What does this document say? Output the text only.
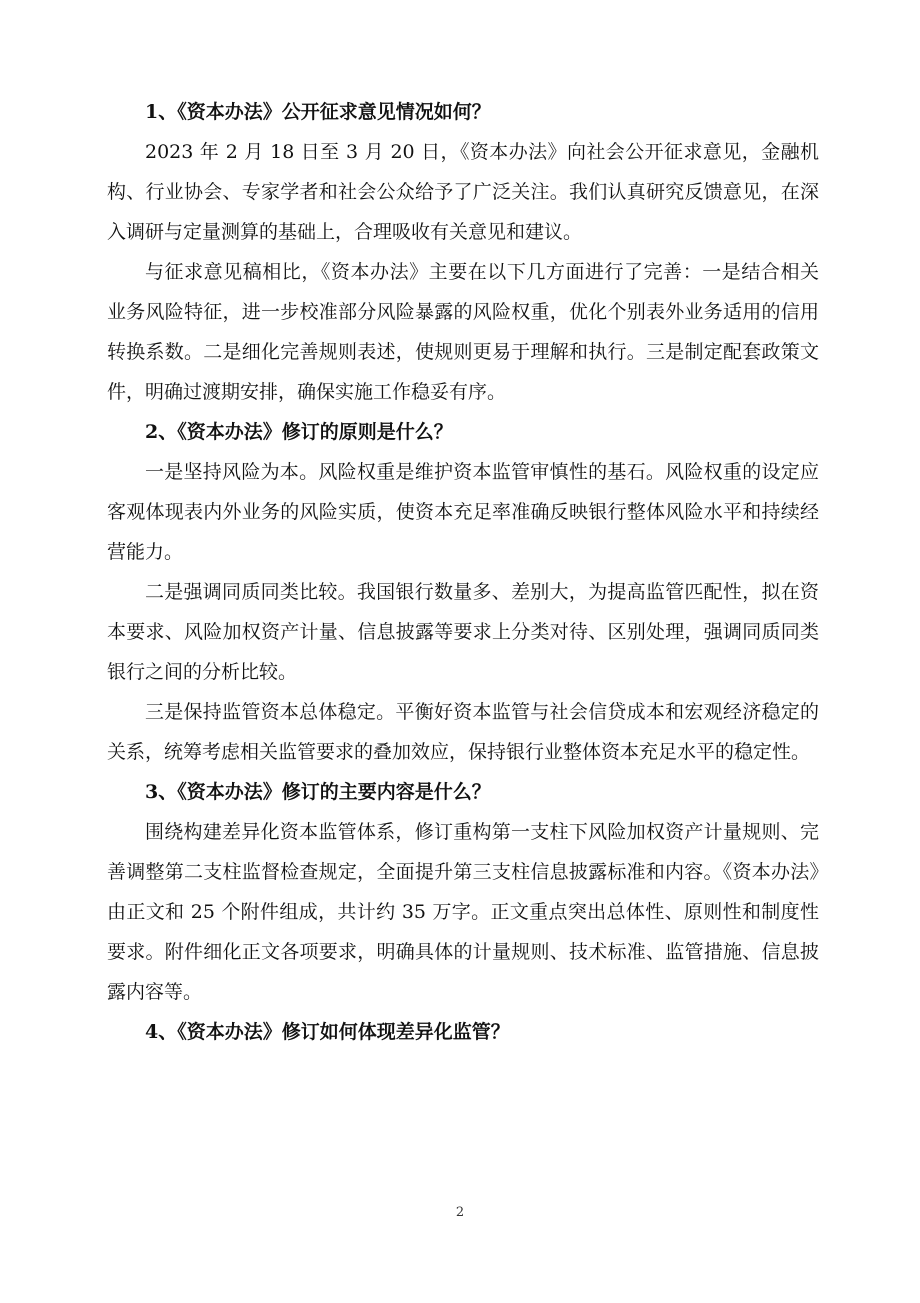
1、《资本办法》公开征求意见情况如何？

2023 年 2 月 18 日至 3 月 20 日，《资本办法》向社会公开征求意见，金融机构、行业协会、专家学者和社会公众给予了广泛关注。我们认真研究反馈意见，在深入调研与定量测算的基础上，合理吸收有关意见和建议。

与征求意见稿相比，《资本办法》主要在以下几方面进行了完善：一是结合相关业务风险特征，进一步校准部分风险暴露的风险权重，优化个别表外业务适用的信用转换系数。二是细化完善规则表述，使规则更易于理解和执行。三是制定配套政策文件，明确过渡期安排，确保实施工作稳妥有序。

2、《资本办法》修订的原则是什么？

一是坚持风险为本。风险权重是维护资本监管审慎性的基石。风险权重的设定应客观体现表内外业务的风险实质，使资本充足率准确反映银行整体风险水平和持续经营能力。

二是强调同质同类比较。我国银行数量多、差别大，为提高监管匹配性，拟在资本要求、风险加权资产计量、信息披露等要求上分类对待、区别处理，强调同质同类银行之间的分析比较。

三是保持监管资本总体稳定。平衡好资本监管与社会信贷成本和宏观经济稳定的关系，统筹考虑相关监管要求的叠加效应，保持银行业整体资本充足水平的稳定性。

3、《资本办法》修订的主要内容是什么？

围绕构建差异化资本监管体系，修订重构第一支柱下风险加权资产计量规则、完善调整第二支柱监督检查规定，全面提升第三支柱信息披露标准和内容。《资本办法》由正文和 25 个附件组成，共计约 35 万字。正文重点突出总体性、原则性和制度性要求。附件细化正文各项要求，明确具体的计量规则、技术标准、监管措施、信息披露内容等。

4、《资本办法》修订如何体现差异化监管？

2
